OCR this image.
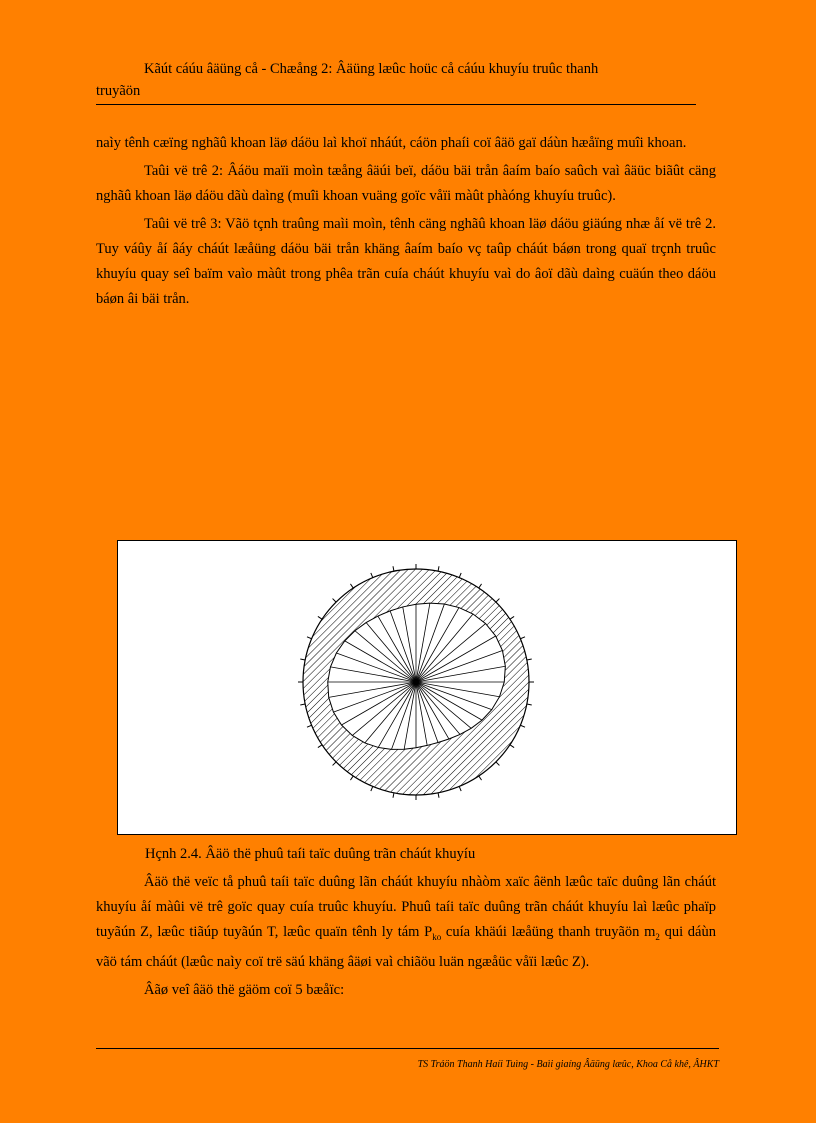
Kãút cáúu âäüng cå - Chæång 2: Âäüng læûc hoüc cå cáúu khuyíu truûc thanh
truyãön

naìy tênh cæïng nghãû khoan läø dáöu laì khoï nháút, cáön phaíi coï âäö gaï dáùn hæåïng muîi khoan.

Taûi vë trê 2: Âáöu maïi moìn tæång âäúi beï, dáöu bäi trån âaím baío saûch vaì âäüc biãût cäng nghãû khoan läø dáöu dãù daìng (muîi khoan vuäng goïc våïi màût phàóng khuyíu truûc).

Taûi vë trê 3: Vãö tçnh traûng maìi moìn, tênh cäng nghãû khoan läø dáöu giäúng nhæ åí vë trê 2. Tuy váûy åí âáy cháút læåüng dáöu bäi trån khäng âaím baío vç taûp cháút báøn trong quaï trçnh truûc khuyíu quay seî baïm vaìo màût trong phêa trãn cuía cháút khuyíu vaì do âoï dãù daìng cuäún theo dáöu báøn âi bäi trån.

Hçnh 2.4. Âäö thë phuû taíi taïc duûng trãn cháút khuyíu

Âäö thë veïc tå phuû taíi taïc duûng lãn cháút khuyíu nhàòm xaïc âënh læûc taïc duûng lãn cháút khuyíu åí màûi vë trê goïc quay cuía truûc khuyíu. Phuû taíi taïc duûng trãn cháút khuyíu laì læûc phaïp tuyãún Z, læûc tiãúp tuyãún T, læûc quaïn tênh ly tám $P_{ko}$ cuía khäúi læåüng thanh truyãön $m_2$ qui dáùn vãö tám cháút (læûc naìy coï trë säú khäng âäøi vaì chiãöu luän ngæåüc våïi læûc Z).

Âãø veî âäö thë gäöm coï 5 bæåïc:

TS Tráön Thanh Haíi Tuìng - Baìi giaíng Âäüng læûc, Khoa Cå khê, ÂHKT
